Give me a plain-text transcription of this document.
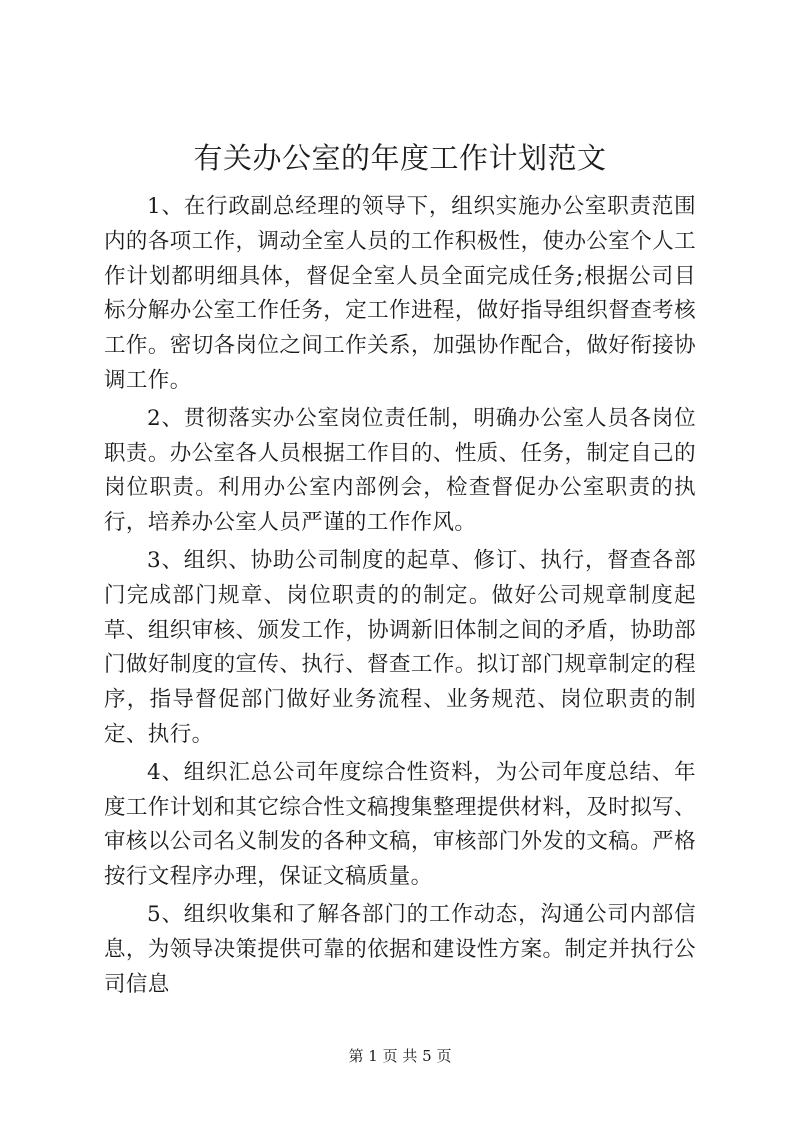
有关办公室的年度工作计划范文

1、在行政副总经理的领导下，组织实施办公室职责范围内的各项工作，调动全室人员的工作积极性，使办公室个人工作计划都明细具体，督促全室人员全面完成任务;根据公司目标分解办公室工作任务，定工作进程，做好指导组织督查考核工作。密切各岗位之间工作关系，加强协作配合，做好衔接协调工作。

2、贯彻落实办公室岗位责任制，明确办公室人员各岗位职责。办公室各人员根据工作目的、性质、任务，制定自己的岗位职责。利用办公室内部例会，检查督促办公室职责的执行，培养办公室人员严谨的工作作风。

3、组织、协助公司制度的起草、修订、执行，督查各部门完成部门规章、岗位职责的的制定。做好公司规章制度起草、组织审核、颁发工作，协调新旧体制之间的矛盾，协助部门做好制度的宣传、执行、督查工作。拟订部门规章制定的程序，指导督促部门做好业务流程、业务规范、岗位职责的制定、执行。

4、组织汇总公司年度综合性资料，为公司年度总结、年度工作计划和其它综合性文稿搜集整理提供材料，及时拟写、审核以公司名义制发的各种文稿，审核部门外发的文稿。严格按行文程序办理，保证文稿质量。

5、组织收集和了解各部门的工作动态，沟通公司内部信息，为领导决策提供可靠的依据和建设性方案。制定并执行公司信息

第 1 页 共 5 页
